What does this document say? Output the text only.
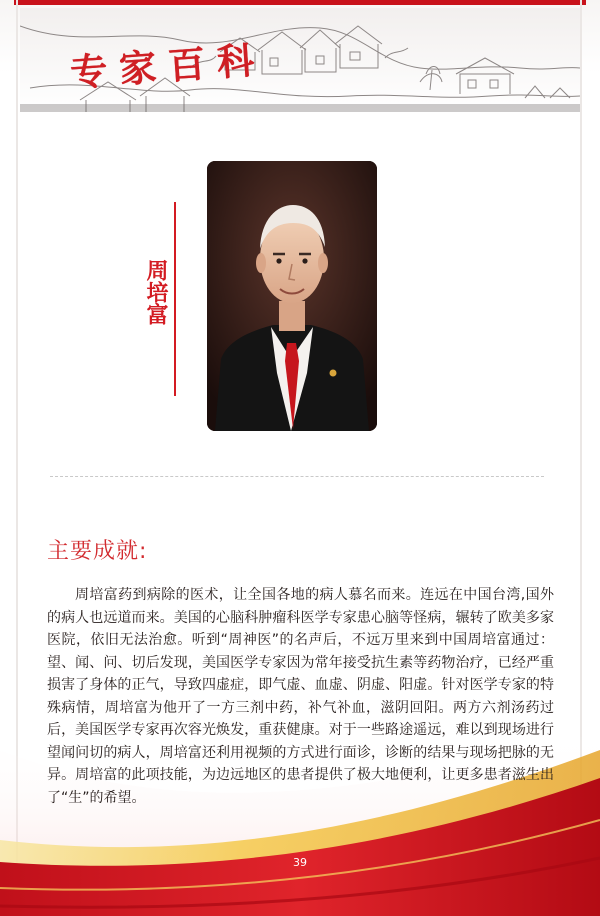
专家百科
周培富
主要成就:
周培富药到病除的医术，让全国各地的病人慕名而来。连远在中国台湾,国外的病人也远道而来。美国的心脑科肿瘤科医学专家患心脑等怪病，辗转了欧美多家医院，依旧无法治愈。听到“周神医”的名声后，不远万里来到中国周培富通过：望、闻、问、切后发现，美国医学专家因为常年接受抗生素等药物治疗，已经严重损害了身体的正气，导致四虚症，即气虚、血虚、阴虚、阳虚。针对医学专家的特殊病情，周培富为他开了一方三剂中药，补气补血，滋阴回阳。两方六剂汤药过后，美国医学专家再次容光焕发，重获健康。对于一些路途遥远，难以到现场进行望闻问切的病人，周培富还利用视频的方式进行面诊，诊断的结果与现场把脉的无异。周培富的此项技能，为边远地区的患者提供了极大地便利，让更多患者滋生出了“生”的希望。
39
